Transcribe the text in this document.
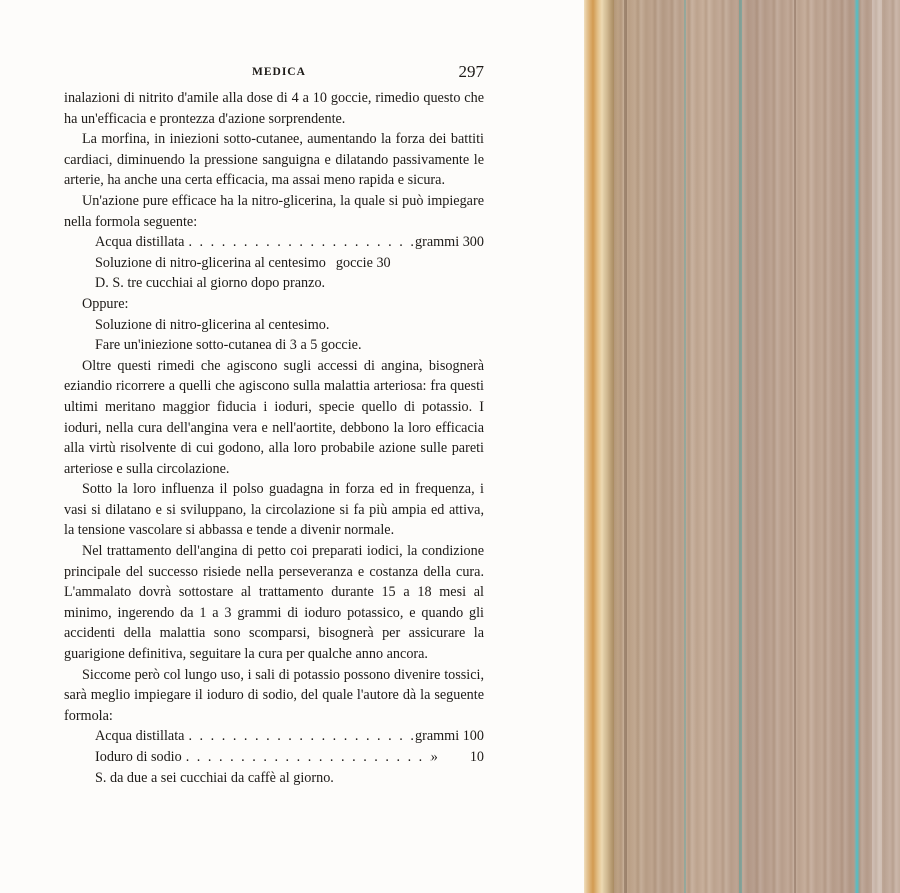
MEDICA	297

inalazioni di nitrito d'amile alla dose di 4 a 10 goccie, rimedio questo che ha un'efficacia e prontezza d'azione sorprendente.

La morfina, in iniezioni sotto-cutanee, aumentando la forza dei battiti cardiaci, diminuendo la pressione sanguigna e dilatando passivamente le arterie, ha anche una certa efficacia, ma assai meno rapida e sicura.

Un'azione pure efficace ha la nitro-glicerina, la quale si può impiegare nella formola seguente:

Acqua distillata . . .	grammi 300
Soluzione di nitro-glicerina al centesimo goccie 30

D. S. tre cucchiai al giorno dopo pranzo.

Oppure:

Soluzione di nitro-glicerina al centesimo.

Fare un'iniezione sotto-cutanea di 3 a 5 goccie.

Oltre questi rimedi che agiscono sugli accessi di angina, bisognerà eziandio ricorrere a quelli che agiscono sulla malattia arteriosa: fra questi ultimi meritano maggior fiducia i ioduri, specie quello di potassio. I ioduri, nella cura dell'angina vera e nell'aortite, debbono la loro efficacia alla virtù risolvente di cui godono, alla loro probabile azione sulle pareti arteriose e sulla circolazione.

Sotto la loro influenza il polso guadagna in forza ed in frequenza, i vasi si dilatano e si sviluppano, la circolazione si fa più ampia ed attiva, la tensione vascolare si abbassa e tende a divenir normale.

Nel trattamento dell'angina di petto coi preparati iodici, la condizione principale del successo risiede nella perseveranza e costanza della cura. L'ammalato dovrà sottostare al trattamento durante 15 a 18 mesi al minimo, ingerendo da 1 a 3 grammi di ioduro potassico, e quando gli accidenti della malattia sono scomparsi, bisognerà per assicurare la guarigione definitiva, seguitare la cura per qualche anno ancora.

Siccome però col lungo uso, i sali di potassio possono divenire tossici, sarà meglio impiegare il ioduro di sodio, del quale l'autore dà la seguente formola:

Acqua distillata . . .	grammi 100
Ioduro di sodio . . .	»         10

S. da due a sei cucchiai da caffè al giorno.
